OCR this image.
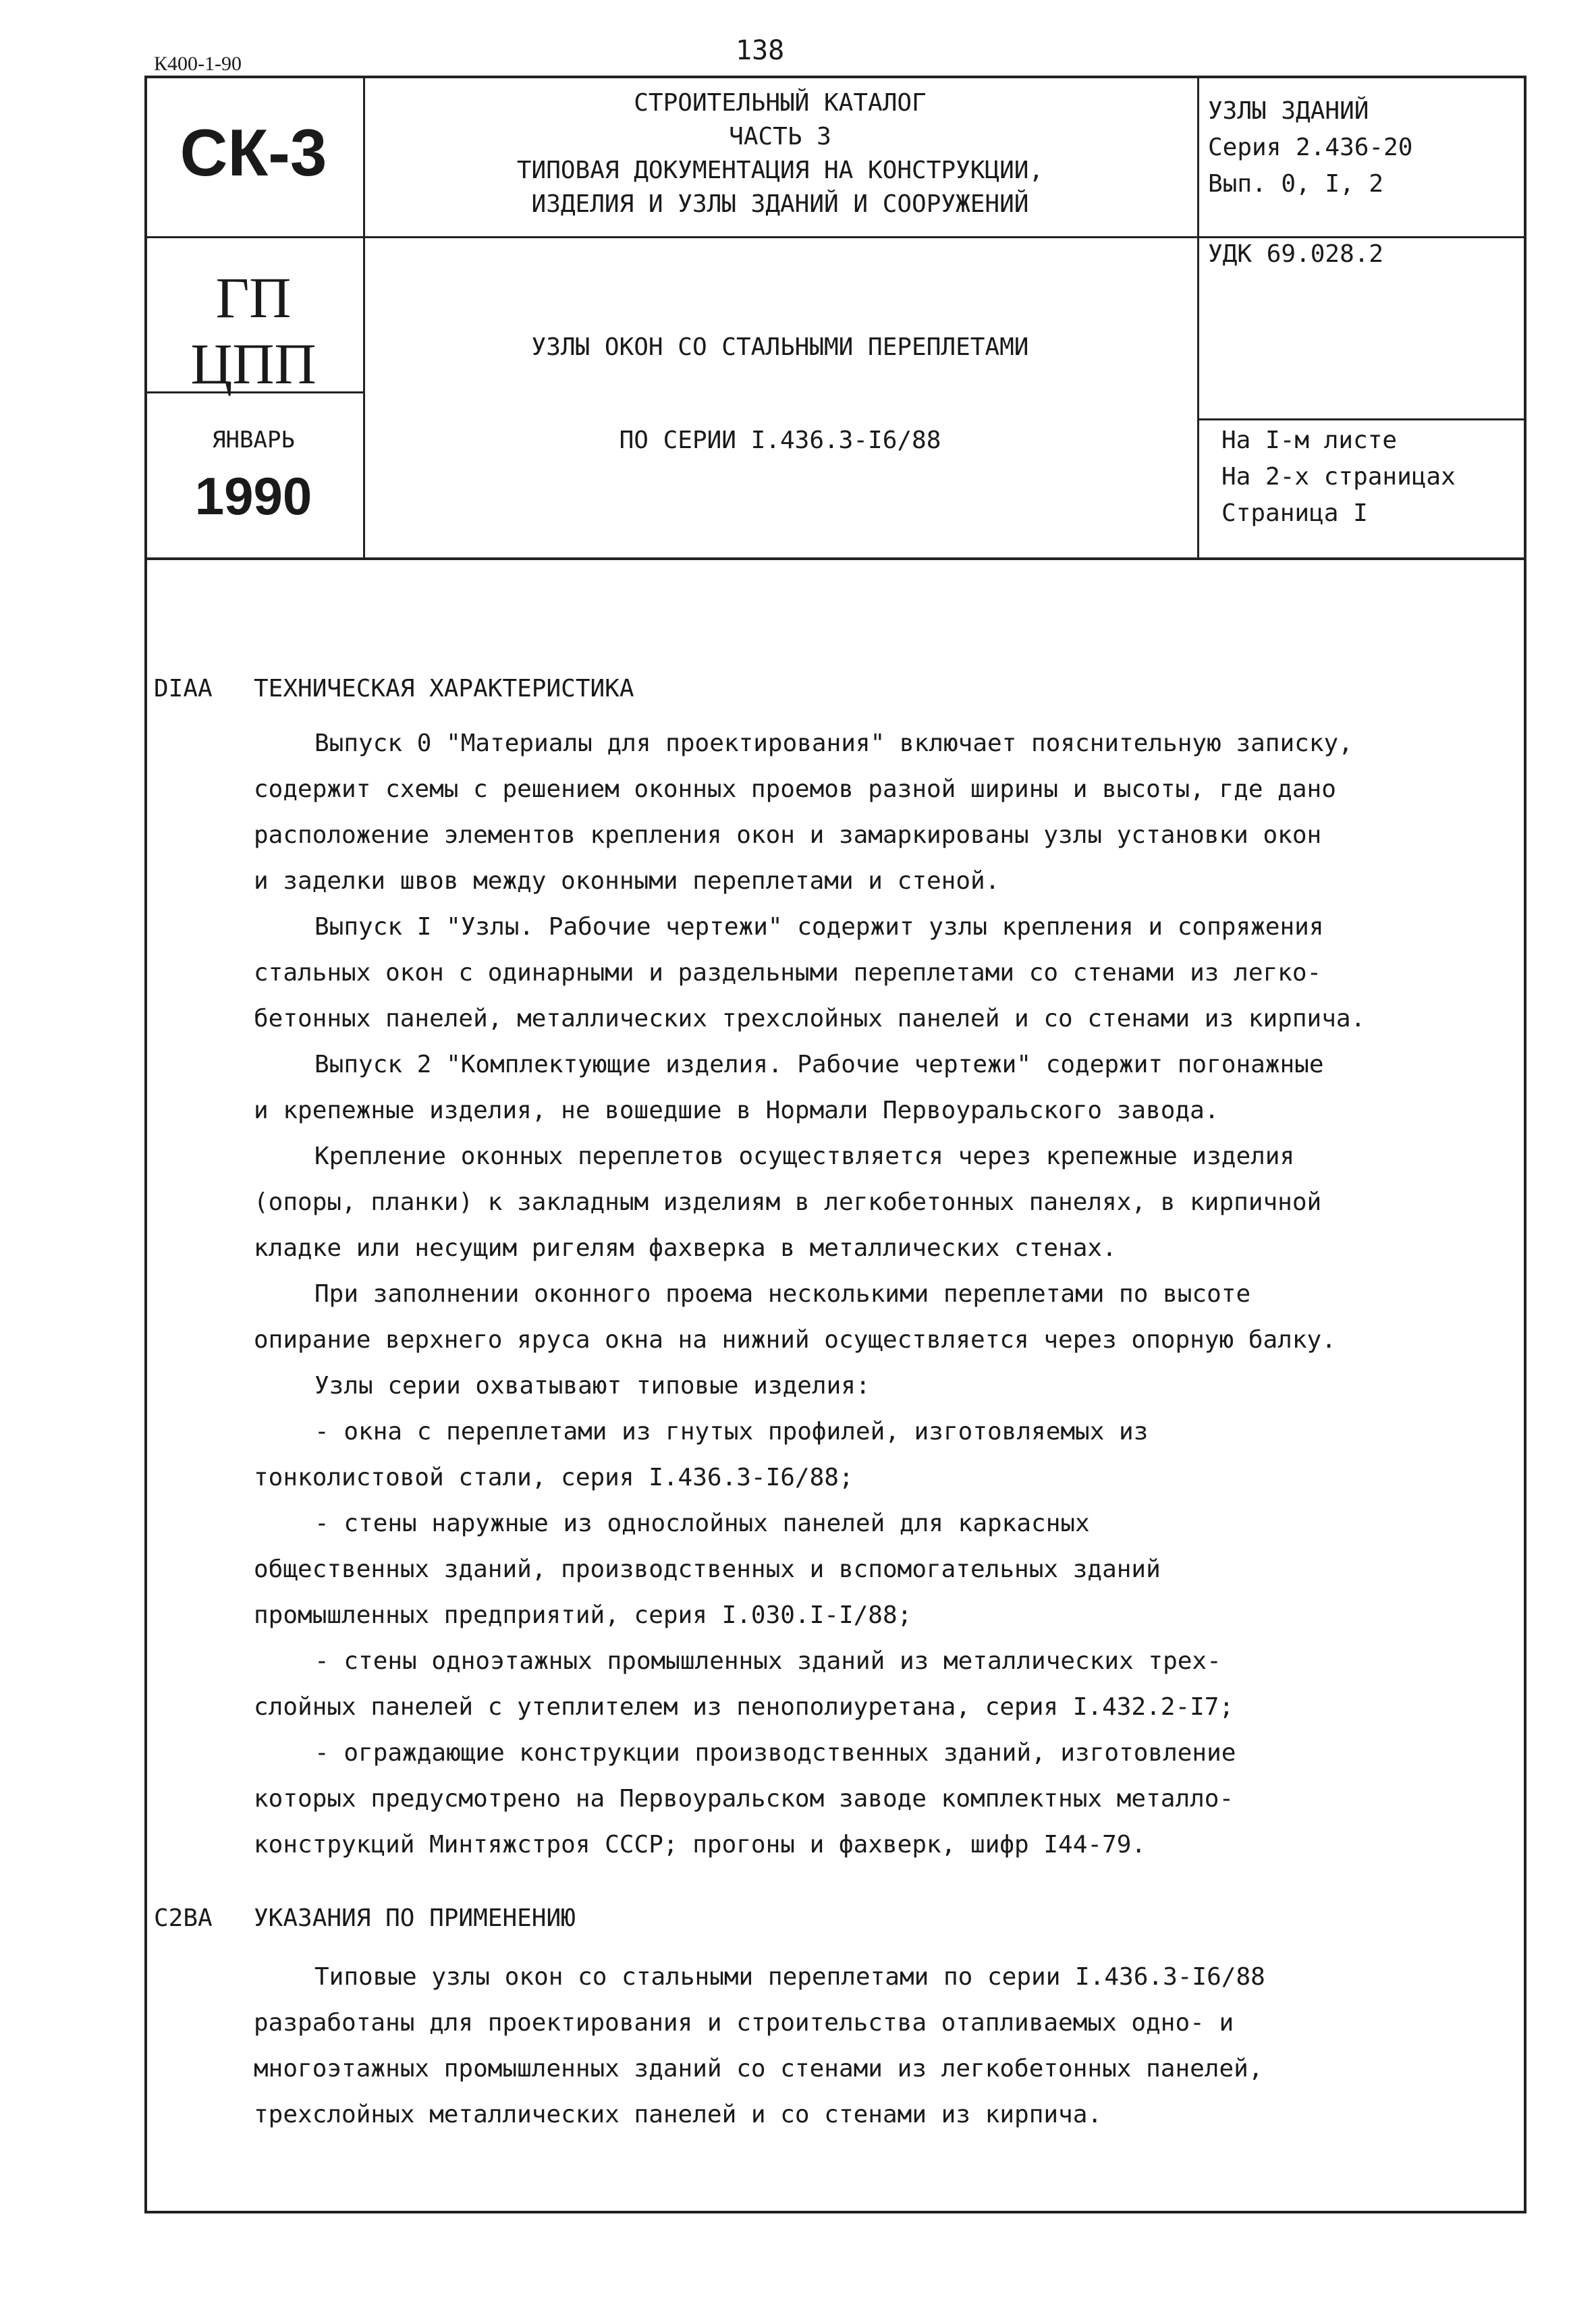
К400-1-90	138
СК-3
ГП
ЦПП
ЯНВАРЬ
1990
СТРОИТЕЛЬНЫЙ КАТАЛОГ
ЧАСТЬ 3
ТИПОВАЯ ДОКУМЕНТАЦИЯ НА КОНСТРУКЦИИ,
ИЗДЕЛИЯ И УЗЛЫ ЗДАНИЙ И СООРУЖЕНИЙ
УЗЛЫ ОКОН СО СТАЛЬНЫМИ ПЕРЕПЛЕТАМИ
ПО СЕРИИ I.436.3-I6/88
УЗЛЫ ЗДАНИЙ
Серия 2.436-20
Вып. 0, I, 2
УДК 69.028.2
На I-м листе
На 2-х страницах
Страница I
DIAA ТЕХНИЧЕСКАЯ ХАРАКТЕРИСТИКА
Выпуск 0 "Материалы для проектирования" включает пояснительную записку,
содержит схемы с решением оконных проемов разной ширины и высоты, где дано
расположение элементов крепления окон и замаркированы узлы установки окон
и заделки швов между оконными переплетами и стеной.
Выпуск I "Узлы. Рабочие чертежи" содержит узлы крепления и сопряжения
стальных окон с одинарными и раздельными переплетами со стенами из легко-
бетонных панелей, металлических трехслойных панелей и со стенами из кирпича.
Выпуск 2 "Комплектующие изделия. Рабочие чертежи" содержит погонажные
и крепежные изделия, не вошедшие в Нормали Первоуральского завода.
Крепление оконных переплетов осуществляется через крепежные изделия
(опоры, планки) к закладным изделиям в легкобетонных панелях, в кирпичной
кладке или несущим ригелям фахверка в металлических стенах.
При заполнении оконного проема несколькими переплетами по высоте
опирание верхнего яруса окна на нижний осуществляется через опорную балку.
Узлы серии охватывают типовые изделия:
- окна с переплетами из гнутых профилей, изготовляемых из
тонколистовой стали, серия I.436.3-I6/88;
- стены наружные из однослойных панелей для каркасных
общественных зданий, производственных и вспомогательных зданий
промышленных предприятий, серия I.030.I-I/88;
- стены одноэтажных промышленных зданий из металлических трех-
слойных панелей с утеплителем из пенополиуретана, серия I.432.2-I7;
- ограждающие конструкции производственных зданий, изготовление
которых предусмотрено на Первоуральском заводе комплектных металло-
конструкций Минтяжстроя СССР; прогоны и фахверк, шифр I44-79.
C2BA УКАЗАНИЯ ПО ПРИМЕНЕНИЮ
Типовые узлы окон со стальными переплетами по серии I.436.3-I6/88
разработаны для проектирования и строительства отапливаемых одно- и
многоэтажных промышленных зданий со стенами из легкобетонных панелей,
трехслойных металлических панелей и со стенами из кирпича.
